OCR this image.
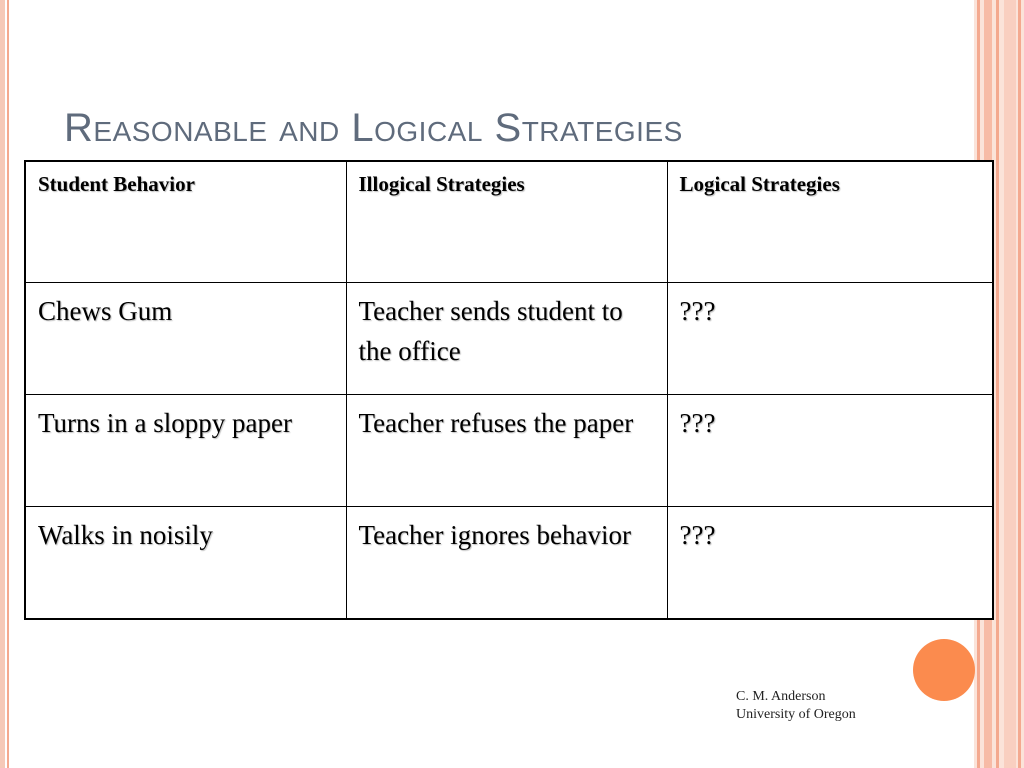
Reasonable and Logical Strategies
Student Behavior	Illogical Strategies	Logical Strategies
Chews Gum	Teacher sends student to the office	???
Turns in a sloppy paper	Teacher refuses the paper	???
Walks in noisily	Teacher ignores behavior	???
C. M. Anderson
University of Oregon
